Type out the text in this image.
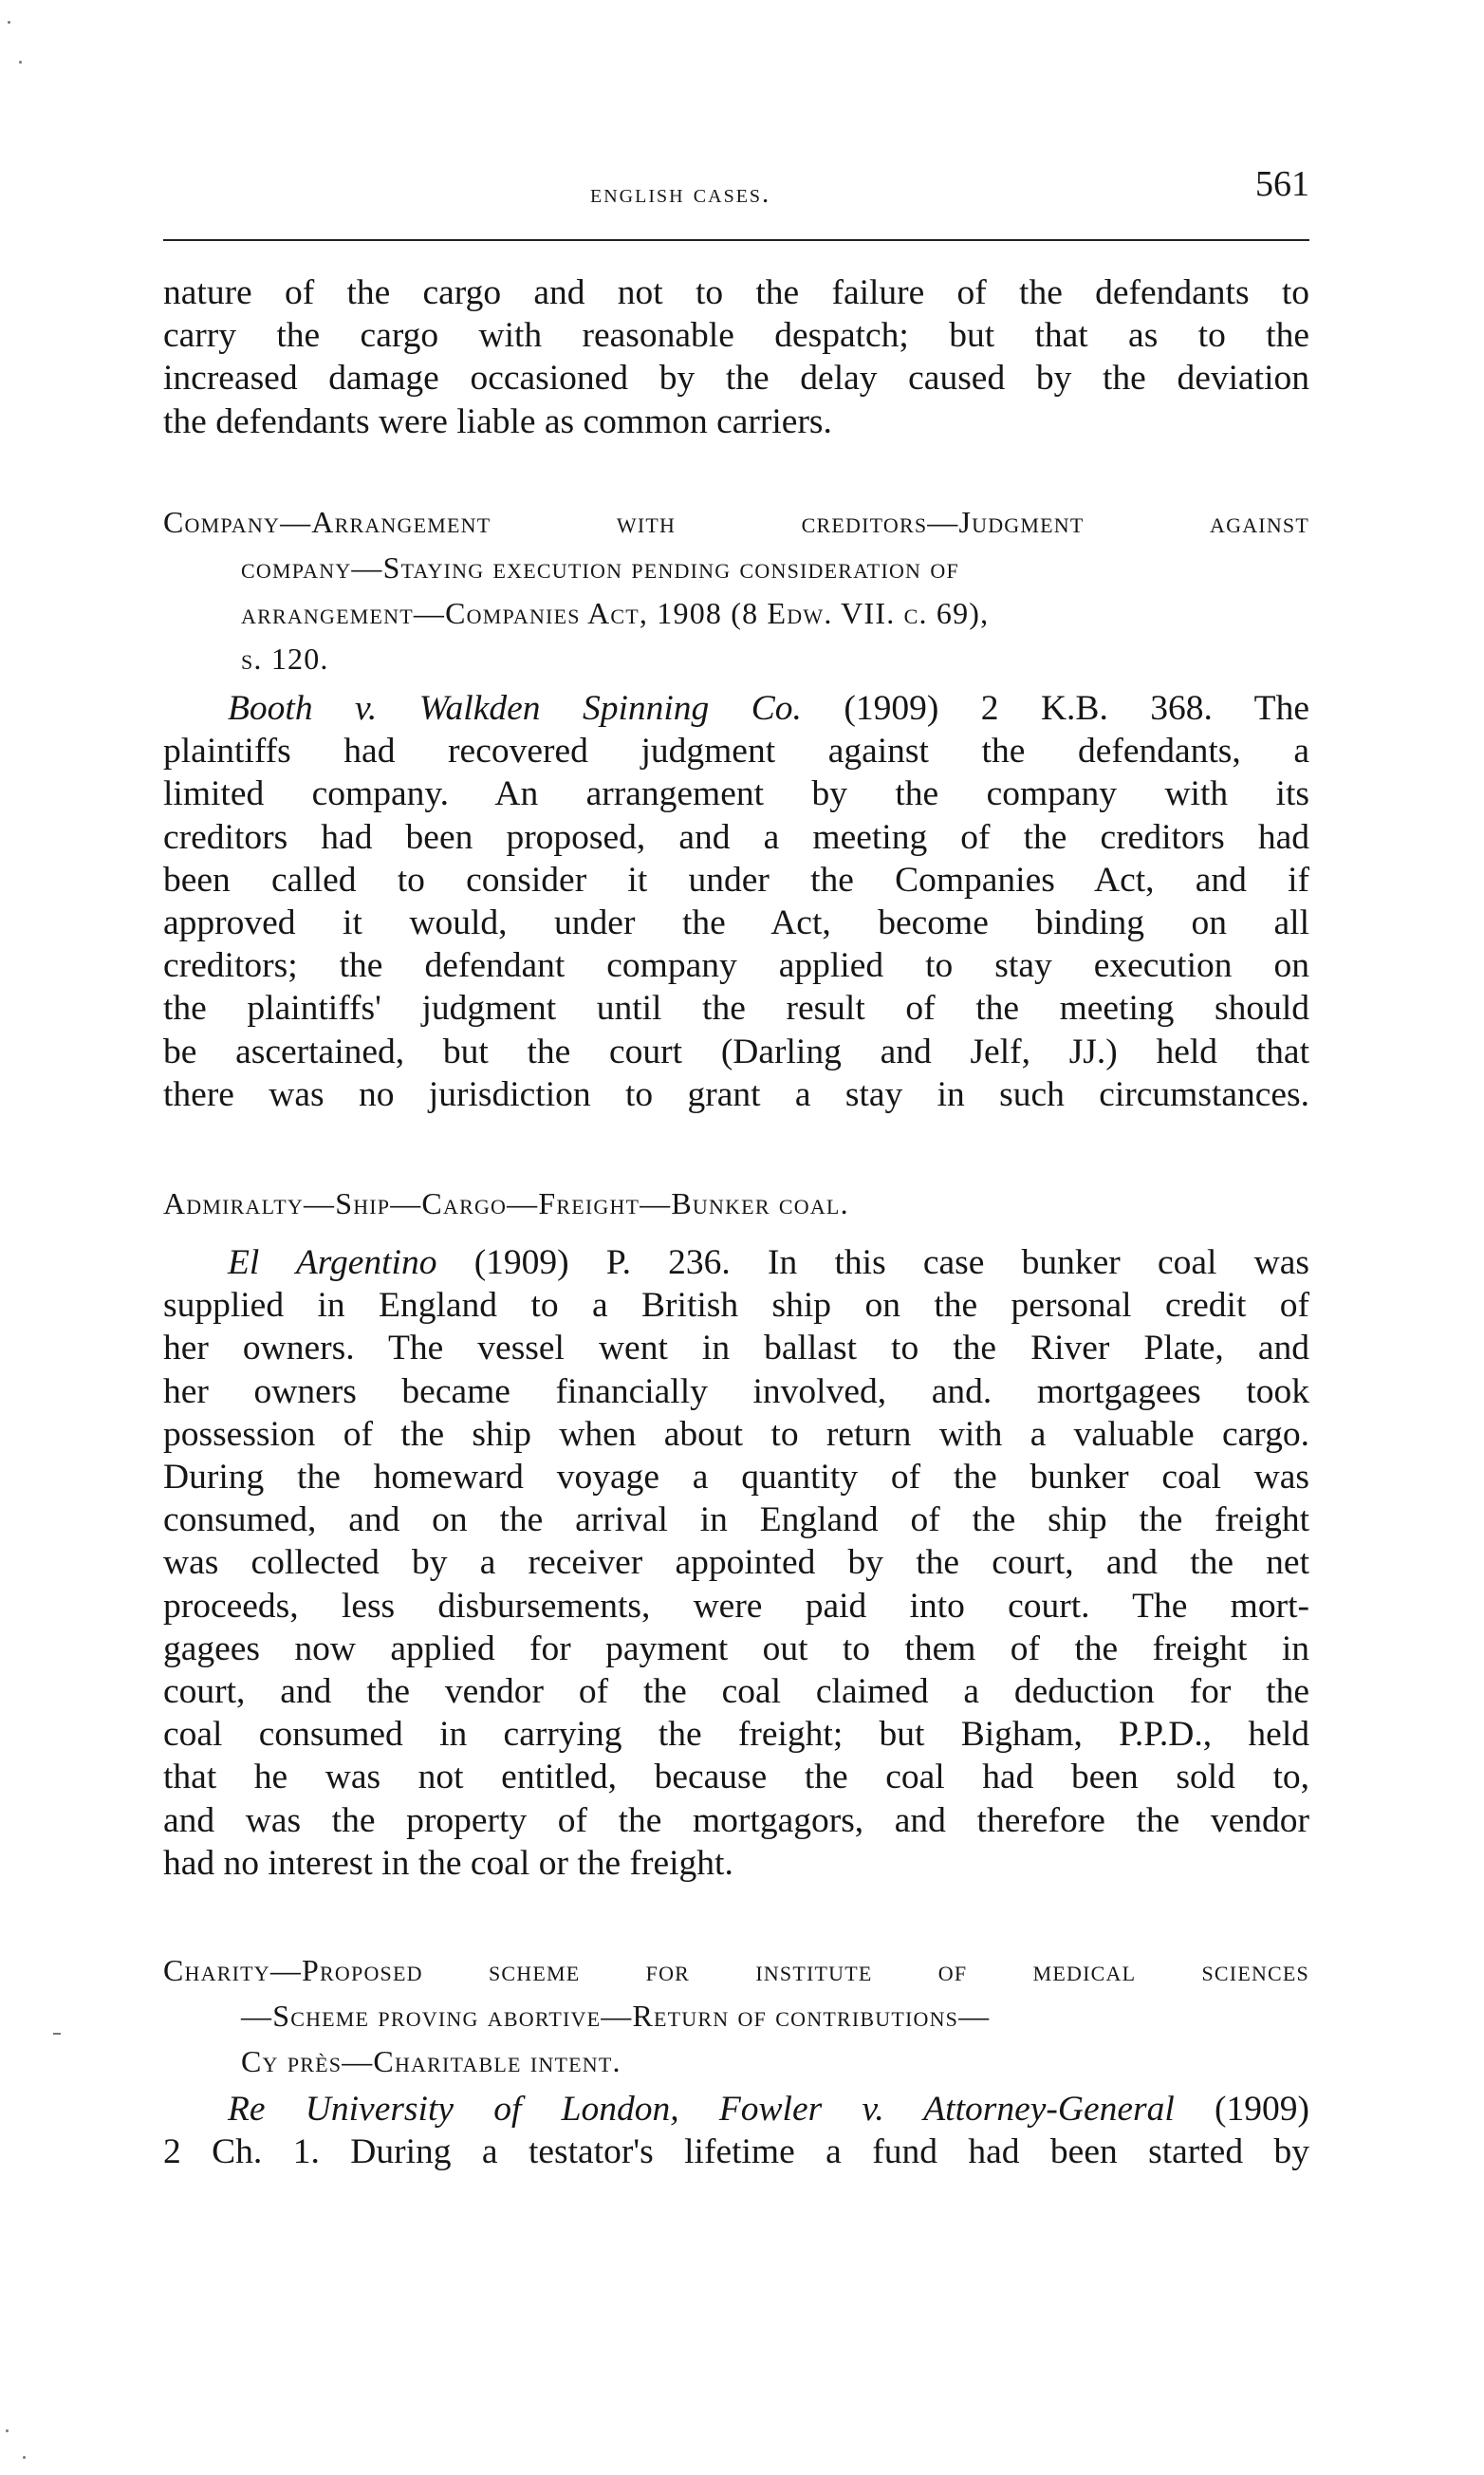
english cases.	561

nature of the cargo and not to the failure of the defendants to
carry the cargo with reasonable despatch; but that as to the
increased damage occasioned by the delay caused by the deviation
the defendants were liable as common carriers.

Company—Arrangement with creditors—Judgment against
company—Staying execution pending consideration of
arrangement—Companies Act, 1908 (8 Edw. VII. c. 69),
s. 120.

Booth v. Walkden Spinning Co. (1909) 2 K.B. 368. The
plaintiffs had recovered judgment against the defendants, a
limited company. An arrangement by the company with its
creditors had been proposed, and a meeting of the creditors had
been called to consider it under the Companies Act, and if
approved it would, under the Act, become binding on all
creditors; the defendant company applied to stay execution on
the plaintiffs' judgment until the result of the meeting should
be ascertained, but the court (Darling and Jelf, JJ.) held that
there was no jurisdiction to grant a stay in such circumstances.

Admiralty—Ship—Cargo—Freight—Bunker coal.

El Argentino (1909) P. 236. In this case bunker coal was
supplied in England to a British ship on the personal credit of
her owners. The vessel went in ballast to the River Plate, and
her owners became financially involved, and. mortgagees took
possession of the ship when about to return with a valuable cargo.
During the homeward voyage a quantity of the bunker coal was
consumed, and on the arrival in England of the ship the freight
was collected by a receiver appointed by the court, and the net
proceeds, less disbursements, were paid into court. The mort-
gagees now applied for payment out to them of the freight in
court, and the vendor of the coal claimed a deduction for the
coal consumed in carrying the freight; but Bigham, P.P.D., held
that he was not entitled, because the coal had been sold to,
and was the property of the mortgagors, and therefore the vendor
had no interest in the coal or the freight.

Charity—Proposed scheme for institute of medical sciences
—Scheme proving abortive—Return of contributions—
Cy près—Charitable intent.

Re University of London, Fowler v. Attorney-General (1909)
2 Ch. 1. During a testator's lifetime a fund had been started by
